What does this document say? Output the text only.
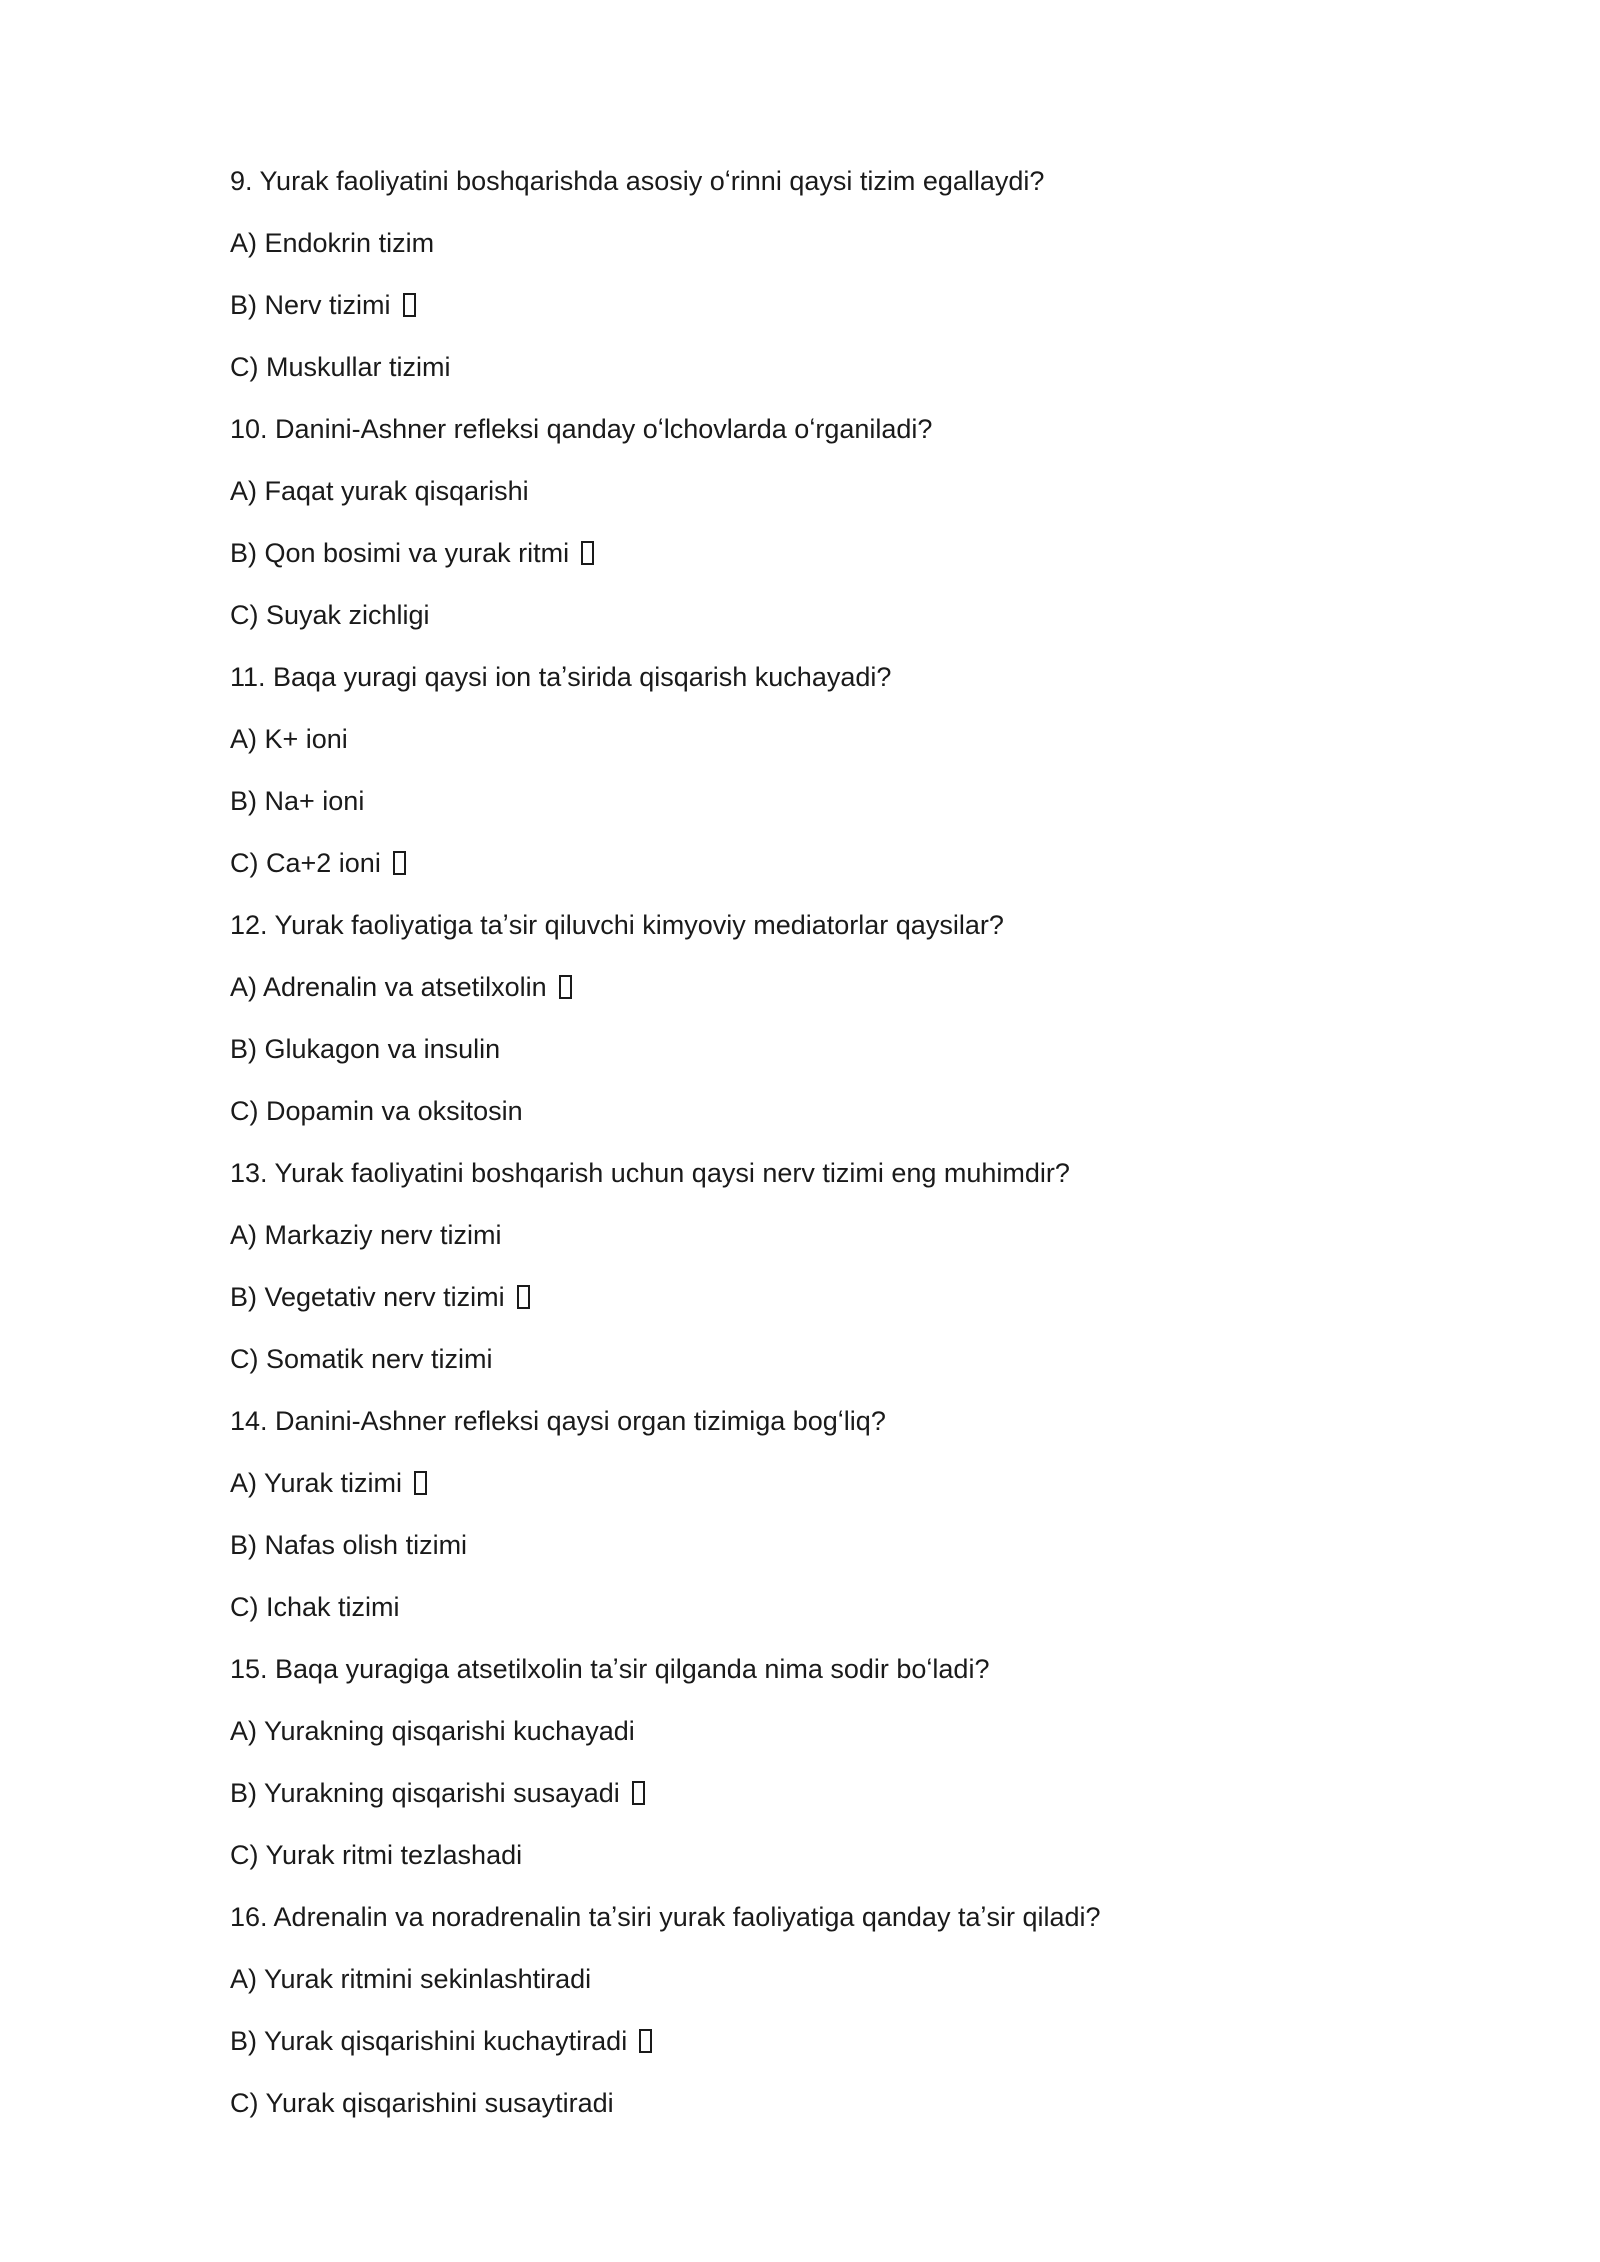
9. Yurak faoliyatini boshqarishda asosiy oʻrinni qaysi tizim egallaydi?
A) Endokrin tizim
B) Nerv tizimi
C) Muskullar tizimi
10. Danini-Ashner refleksi qanday oʻlchovlarda oʻrganiladi?
A) Faqat yurak qisqarishi
B) Qon bosimi va yurak ritmi
C) Suyak zichligi
11. Baqa yuragi qaysi ion taʼsirida qisqarish kuchayadi?
A) K+ ioni
B) Na+ ioni
C) Ca+2 ioni
12. Yurak faoliyatiga taʼsir qiluvchi kimyoviy mediatorlar qaysilar?
A) Adrenalin va atsetilxolin
B) Glukagon va insulin
C) Dopamin va oksitosin
13. Yurak faoliyatini boshqarish uchun qaysi nerv tizimi eng muhimdir?
A) Markaziy nerv tizimi
B) Vegetativ nerv tizimi
C) Somatik nerv tizimi
14. Danini-Ashner refleksi qaysi organ tizimiga bogʻliq?
A) Yurak tizimi
B) Nafas olish tizimi
C) Ichak tizimi
15. Baqa yuragiga atsetilxolin taʼsir qilganda nima sodir boʻladi?
A) Yurakning qisqarishi kuchayadi
B) Yurakning qisqarishi susayadi
C) Yurak ritmi tezlashadi
16. Adrenalin va noradrenalin taʼsiri yurak faoliyatiga qanday taʼsir qiladi?
A) Yurak ritmini sekinlashtiradi
B) Yurak qisqarishini kuchaytiradi
C) Yurak qisqarishini susaytiradi
